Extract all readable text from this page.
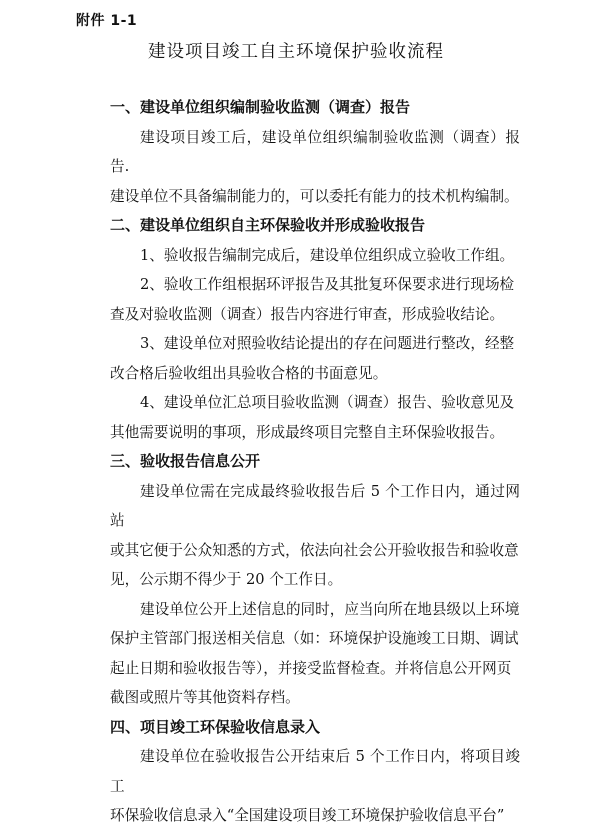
附件 1-1
建设项目竣工自主环境保护验收流程
一、建设单位组织编制验收监测（调查）报告
建设项目竣工后，建设单位组织编制验收监测（调查）报告.
建设单位不具备编制能力的，可以委托有能力的技术机构编制。
二、建设单位组织自主环保验收并形成验收报告
1、验收报告编制完成后，建设单位组织成立验收工作组。
2、验收工作组根据环评报告及其批复环保要求进行现场检
查及对验收监测（调查）报告内容进行审查，形成验收结论。
3、建设单位对照验收结论提出的存在问题进行整改，经整
改合格后验收组出具验收合格的书面意见。
4、建设单位汇总项目验收监测（调查）报告、验收意见及
其他需要说明的事项，形成最终项目完整自主环保验收报告。
三、验收报告信息公开
建设单位需在完成最终验收报告后 5 个工作日内，通过网站
或其它便于公众知悉的方式，依法向社会公开验收报告和验收意
见，公示期不得少于 20 个工作日。
建设单位公开上述信息的同时，应当向所在地县级以上环境
保护主管部门报送相关信息（如：环境保护设施竣工日期、调试
起止日期和验收报告等），并接受监督检查。并将信息公开网页
截图或照片等其他资料存档。
四、项目竣工环保验收信息录入
建设单位在验收报告公开结束后 5 个工作日内，将项目竣工
环保验收信息录入“全国建设项目竣工环境保护验收信息平台”
